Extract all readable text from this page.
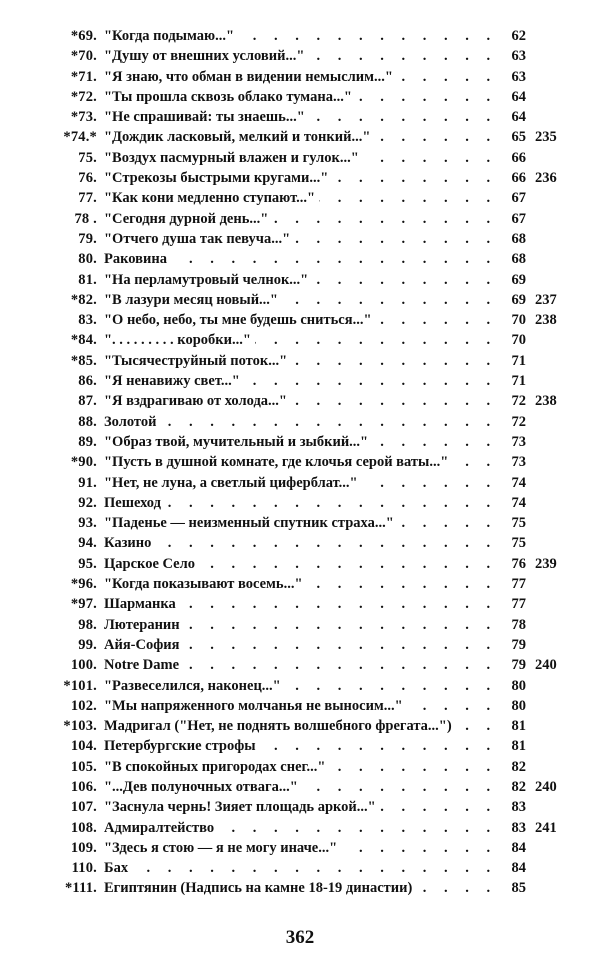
*69. "Когда подымаю..." . . .	62
*70. "Душу от внешних условий..." . . .	63
*71. "Я знаю, что обман в видении немыслим..." . . .	63
*72. "Ты прошла сквозь облако тумана..." . . .	64
*73. "Не спрашивай: ты знаешь..." . . .	64
*74.* "Дождик ласковый, мелкий и тонкий..." . . .	65 235
75. "Воздух пасмурный влажен и гулок..." . . .	66
76. "Стрекозы быстрыми кругами..." . . .	66 236
77. "Как кони медленно ступают..." . . .	67
78 . "Сегодня дурной день..." . . .	67
79. "Отчего душа так певуча..." . . .	68
80. Раковина . . .	68
81. "На перламутровый челнок..." . . .	69
*82. "В лазури месяц новый..." . . .	69 237
83. "О небо, небо, ты мне будешь сниться..." . . .	70 238
*84. ". . . . . . . . . коробки..." . . .	70
*85. "Тысячеструйный поток..." . . .	71
86. "Я ненавижу свет..." . . .	71
87. "Я вздрагиваю от холода..." . . .	72 238
88. Золотой . . .	72
89. "Образ твой, мучительный и зыбкий..." . . .	73
*90. "Пусть в душной комнате, где клочья серой ваты..." . . .	73
91. "Нет, не луна, а светлый циферблат..." . . .	74
92. Пешеход . . .	74
93. "Паденье — неизменный спутник страха..." . . .	75
94. Казино . . .	75
95. Царское Село . . .	76 239
*96. "Когда показывают восемь..." . . .	77
*97. Шарманка . . .	77
98. Лютеранин . . .	78
99. Айя-София . . .	79
100. Notre Dame . . .	79 240
*101. "Развеселился, наконец..." . . .	80
102. "Мы напряженного молчанья не выносим..." . . .	80
*103. Мадригал ("Нет, не поднять волшебного фрегата...") . . .	81
104. Петербургские строфы . . .	81
105. "В спокойных пригородах снег..." . . .	82
106. "...Дев полуночных отвага..." . . .	82 240
107. "Заснула чернь! Зияет площадь аркой..." . . .	83
108. Адмиралтейство . . .	83 241
109. "Здесь я стою — я не могу иначе..." . . .	84
110. Бах . . .	84
*111. Египтянин (Надпись на камне 18-19 династии) . . .	85
362
